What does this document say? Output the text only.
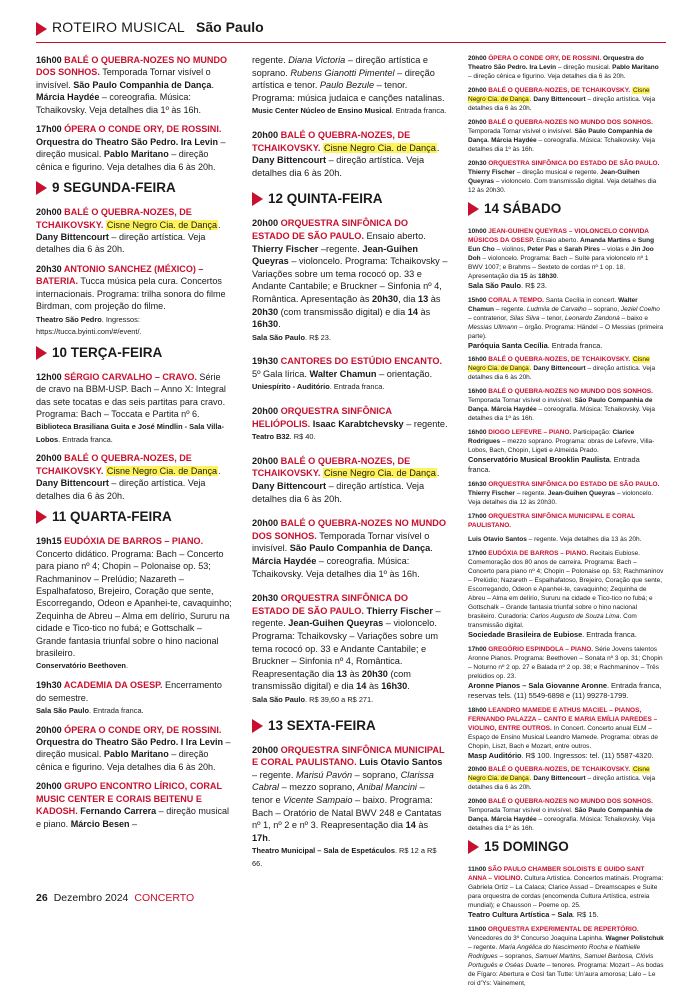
ROTEIRO MUSICAL São Paulo
16h00 BALÉ O QUEBRA-NOZES NO MUNDO DOS SONHOS. Temporada Tornar visível o invisível. São Paulo Companhia de Dança. Márcia Haydée – coreografia. Música: Tchaikovsky. Veja detalhes dia 1º às 16h.
17h00 ÓPERA O CONDE ORY, DE ROSSINI. Orquestra do Theatro São Pedro. Ira Levin – direção musical. Pablo Maritano – direção cênica e figurino. Veja detalhes dia 6 às 20h.
9 SEGUNDA-FEIRA
20h00 BALÉ O QUEBRA-NOZES, DE TCHAIKOVSKY. Cisne Negro Cia. de Dança. Dany Bittencourt – direção artística. Veja detalhes dia 6 às 20h.
20h30 ANTONIO SANCHEZ (MÉXICO) – BATERIA. Tucca música pela cura. Concertos internacionais. Programa: trilha sonora do filme Birdman, com projeção do filme.
Theatro São Pedro. Ingressos: https://tucca.byinti.com/#/event/.
10 TERÇA-FEIRA
12h00 SÉRGIO CARVALHO – CRAVO. Série de cravo na BBM-USP. Bach – Anno X: Integral das sete tocatas e das seis partitas para cravo. Programa: Bach – Toccata e Partita nº 6.
Biblioteca Brasiliana Guita e José Mindlin - Sala Villa-Lobos. Entrada franca.
20h00 BALÉ O QUEBRA-NOZES, DE TCHAIKOVSKY. Cisne Negro Cia. de Dança. Dany Bittencourt – direção artística. Veja detalhes dia 6 às 20h.
11 QUARTA-FEIRA
19h15 EUDÓXIA DE BARROS – PIANO. Concerto didático. Programa: Bach – Concerto para piano nº 4; Chopin – Polonaise op. 53; Rachmaninov – Prelúdio; Nazareth – Espalhafatoso, Brejeiro, Coração que sente, Escorregando, Odeon e Apanhei-te, cavaquinho; Zequinha de Abreu – Alma em delírio, Sururu na cidade e Tico-tico no fubá; e Gottschalk – Grande fantasia triunfal sobre o hino nacional brasileiro.
Conservatório Beethoven.
19h30 ACADEMIA DA OSESP. Encerramento do semestre.
Sala São Paulo. Entrada franca.
20h00 ÓPERA O CONDE ORY, DE ROSSINI. Orquestra do Theatro São Pedro. I Ira Levin – direção musical. Pablo Maritano – direção cênica e figurino. Veja detalhes dia 6 às 20h.
20h00 GRUPO ENCONTRO LÍRICO, CORAL MUSIC CENTER E CORAIS BEITENU E KADOSH. Fernando Carrera – direção musical e piano. Márcio Besen –
regente. Diana Victoria – direção artística e soprano. Rubens Gianotti Pimentel – direção artística e tenor. Paulo Bezule – tenor. Programa: música judaica e canções natalinas.
Music Center Núcleo de Ensino Musical. Entrada franca.
20h00 BALÉ O QUEBRA-NOZES, DE TCHAIKOVSKY. Cisne Negro Cia. de Dança. Dany Bittencourt – direção artística. Veja detalhes dia 6 às 20h.
12 QUINTA-FEIRA
20h00 ORQUESTRA SINFÔNICA DO ESTADO DE SÃO PAULO. Ensaio aberto. Thierry Fischer –regente. Jean-Guihen Queyras – violoncelo. Programa: Tchaikovsky – Variações sobre um tema rococó op. 33 e Andante Cantabile; e Bruckner – Sinfonia nº 4, Romântica. Apresentação às 20h30, dia 13 às 20h30 (com transmissão digital) e dia 14 às 16h30.
Sala São Paulo. R$ 23.
19h30 CANTORES DO ESTÚDIO ENCANTO. 5º Gala lírica. Walter Chamun – orientação.
Uniespírito - Auditório. Entrada franca.
20h00 ORQUESTRA SINFÔNICA HELIÓPOLIS. Isaac Karabtchevsky – regente.
Teatro B32. R$ 40.
20h00 BALÉ O QUEBRA-NOZES, DE TCHAIKOVSKY. Cisne Negro Cia. de Dança. Dany Bittencourt – direção artística. Veja detalhes dia 6 às 20h.
20h00 BALÉ O QUEBRA-NOZES NO MUNDO DOS SONHOS. Temporada Tornar visível o invisível. São Paulo Companhia de Dança. Márcia Haydée – coreografia. Música: Tchaikovsky. Veja detalhes dia 1º às 16h.
20h30 ORQUESTRA SINFÔNICA DO ESTADO DE SÃO PAULO. Thierry Fischer – regente. Jean-Guihen Queyras – violoncelo. Programa: Tchaikovsky – Variações sobre um tema rococó op. 33 e Andante Cantabile; e Bruckner – Sinfonia nº 4, Romântica. Reapresentação dia 13 às 20h30 (com transmissão digital) e dia 14 às 16h30.
Sala São Paulo. R$ 39,60 a R$ 271.
13 SEXTA-FEIRA
20h00 ORQUESTRA SINFÔNICA MUNICIPAL E CORAL PAULISTANO. Luis Otavio Santos – regente. Marisú Pavón – soprano, Clarissa Cabral – mezzo soprano, Anibal Mancini – tenor e Vicente Sampaio – baixo. Programa: Bach – Oratório de Natal BWV 248 e Cantatas nº 1, nº 2 e nº 3. Reapresentação dia 14 às 17h.
Theatro Municipal – Sala de Espetáculos. R$ 12 a R$ 66.
20h00 ÓPERA O CONDE ORY, DE ROSSINI. Orquestra do Theatro São Pedro. Ira Levin – direção musical. Pablo Maritano – direção cênica e figurino. Veja detalhes dia 6 às 20h.
20h00 BALÉ O QUEBRA-NOZES, DE TCHAIKOVSKY. Cisne Negro Cia. de Dança. Dany Bittencourt – direção artística. Veja detalhes dia 6 às 20h.
20h00 BALÉ O QUEBRA-NOZES NO MUNDO DOS SONHOS. Temporada Tornar visível o invisível. São Paulo Companhia de Dança. Márcia Haydée – coreografia. Música: Tchaikovsky. Veja detalhes dia 1º às 16h.
20h30 ORQUESTRA SINFÔNICA DO ESTADO DE SÃO PAULO. Thierry Fischer – direção musical e regente. Jean-Guihen Queyras – violoncelo. Com transmissão digital. Veja detalhes dia 12 às 20h30.
14 SÁBADO
10h00 JEAN-GUIHEN QUEYRAS – VIOLONCELO CONVIDA MÚSICOS DA OSESP. Ensaio aberto. Amanda Martins e Sung Eun Cho – violinos, Peter Pas e Sarah Pires – violas e Jin Joo Doh – violoncelo. Programa: Bach – Suíte para violoncelo nº 1 BWV 1007; e Brahms – Sexteto de cordas nº 1 op. 18. Apresentação dia 15 às 18h30.
Sala São Paulo. R$ 23.
15h00 CORAL A TEMPO. Santa Cecília in concert. Walter Chamun – regente. Ludmila de Carvalho – soprano, Jeziel Coelho – contratenor, Silas Silva – tenor, Leonardo Zandonà – baixo e Messias Ullmann – órgão. Programa: Händel – O Messias (primeira parte).
Paróquia Santa Cecília. Entrada franca.
16h00 BALÉ O QUEBRA-NOZES, DE TCHAIKOVSKY. Cisne Negro Cia. de Dança. Dany Bittencourt – direção artística. Veja detalhes dia 6 às 20h.
16h00 BALÉ O QUEBRA-NOZES NO MUNDO DOS SONHOS. Temporada Tornar visível o invisível. São Paulo Companhia de Dança. Márcia Haydée – coreografia. Música: Tchaikovsky. Veja detalhes dia 1º às 16h.
16h00 DIOGO LEFEVRE – PIANO. Participação: Clarice Rodrigues – mezzo soprano. Programa: obras de Lefevre, Villa-Lobos, Bach, Chopin, Ligeti e Almeida Prado.
Conservatório Musical Brooklin Paulista. Entrada franca.
16h30 ORQUESTRA SINFÔNICA DO ESTADO DE SÃO PAULO. Thierry Fischer – regente. Jean-Guihen Queyras – violoncelo. Veja detalhes dia 12 às 20h30.
17h00 ORQUESTRA SINFÔNICA MUNICIPAL E CORAL PAULISTANO.
Luis Otavio Santos – regente. Veja detalhes dia 13 às 20h.
17h00 EUDÓXIA DE BARROS – PIANO. Recitais Eubiose. Comemoração dos 80 anos de carreira. Programa: Bach – Concerto para piano nº 4; Chopin – Polonaise op. 53; Rachmaninov – Prelúdio; Nazareth – Espalhafatoso, Brejeiro, Coração que sente, Escorregando, Odeon e Apanhei-te, cavaquinho; Zequinha de Abreu – Alma em delírio, Sururu na cidade e Tico-tico no fubá; e Gottschalk – Grande fantasia triunfal sobre o hino nacional brasileiro. Curadoria: Carlos Augusto de Souza Lima. Com transmissão digital.
Sociedade Brasileira de Eubiose. Entrada franca.
17h00 GREGÓRIO ESPINDOLA – PIANO. Série Jovens talentos Aronne Pianos. Programa: Beethoven – Sonata nº 3 op. 31; Chopin – Noturno nº 2 op. 27 e Balada nº 2 op. 38; e Rachmaninov – Três prelúdios op. 23.
Aronne Pianos – Sala Giovanne Aronne. Entrada franca, reservas tels. (11) 5549-6898 e (11) 99278-1799.
18h00 LEANDRO MAMEDE E ATHUS MACIEL – PIANOS, FERNANDO PALAZZA – CANTO E MARIA EMÍLIA PAREDES – VIOLINO, ENTRE OUTROS. In Concert. Concerto anual ELM – Espaço de Ensino Musical Leandro Mamede. Programa: obras de Chopin, Liszt, Bach e Mozart, entre outros.
Masp Auditório. R$ 100. Ingressos: tel. (11) 5587-4320.
20h00 BALÉ O QUEBRA-NOZES, DE TCHAIKOVSKY. Cisne Negro Cia. de Dança. Dany Bittencourt – direção artística. Veja detalhes dia 6 às 20h.
20h00 BALÉ O QUEBRA-NOZES NO MUNDO DOS SONHOS. Temporada Tornar visível o invisível. São Paulo Companhia de Dança. Márcia Haydée – coreografia. Música: Tchaikovsky. Veja detalhes dia 1º às 16h.
15 DOMINGO
11h00 SÃO PAULO CHAMBER SOLOISTS E GUIDO SANT ANNA – VIOLINO. Cultura Artística. Concertos matinais. Programa: Gabriela Ortiz – La Calaca; Clarice Assad – Dreamscapes e Suite para orquestra de cordas (encomenda Cultura Artística, estreia mundial); e Chausson – Poeme op. 25.
Teatro Cultura Artística – Sala. R$ 15.
11h00 ORQUESTRA EXPERIMENTAL DE REPERTÓRIO. Vencedores do 3º Concurso Joaquina Lapinha. Wagner Polistchuk – regente. Maria Angélica do Nascimento Rocha e Nathielle Rodrigues – sopranos, Samuel Martins, Samuel Barbosa, Clóvis Português e Oséas Duarte – tenores. Programa: Mozart – As bodas de Fígaro: Abertura e Così fan Tutte: Un’aura amorosa; Lalo – Le roi d’Ys: Vainement,
26 Dezembro 2024 CONCERTO
